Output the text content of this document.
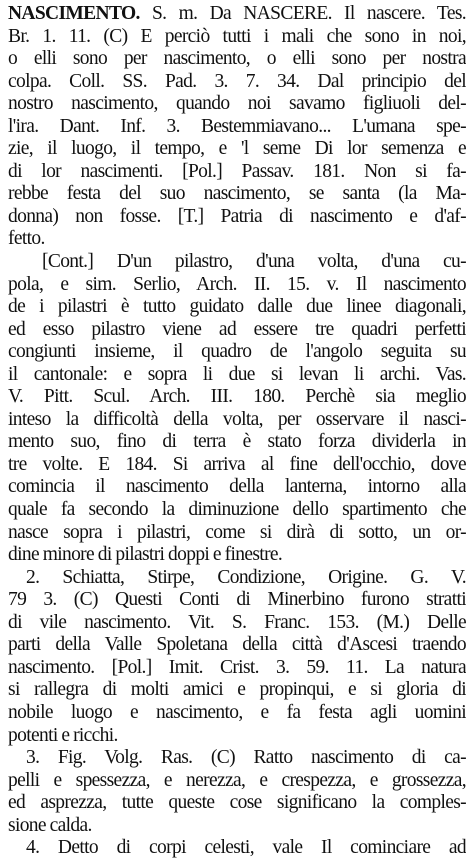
NASCIMENTO. S. m. Da NASCERE. Il nascere. Tes.
Br. 1. 11. (C) E perciò tutti i mali che sono in noi,
o elli sono per nascimento, o elli sono per nostra
colpa. Coll. SS. Pad. 3. 7. 34. Dal principio del
nostro nascimento, quando noi savamo figliuoli del-
l'ira. Dant. Inf. 3. Bestemmiavano... L'umana spe-
zie, il luogo, il tempo, e 'l seme Di lor semenza e
di lor nascimenti. [Pol.] Passav. 181. Non si fa-
rebbe festa del suo nascimento, se santa (la Ma-
donna) non fosse. [T.] Patria di nascimento e d'af-
fetto.
[Cont.] D'un pilastro, d'una volta, d'una cu-
pola, e sim. Serlio, Arch. II. 15. v. Il nascimento
de i pilastri è tutto guidato dalle due linee diagonali,
ed esso pilastro viene ad essere tre quadri perfetti
congiunti insieme, il quadro de l'angolo seguita su
il cantonale: e sopra li due si levan li archi. Vas.
V. Pitt. Scul. Arch. III. 180. Perchè sia meglio
inteso la difficoltà della volta, per osservare il nasci-
mento suo, fino di terra è stato forza dividerla in
tre volte. E 184. Si arriva al fine dell'occhio, dove
comincia il nascimento della lanterna, intorno alla
quale fa secondo la diminuzione dello spartimento che
nasce sopra i pilastri, come si dirà di sotto, un or-
dine minore di pilastri doppi e finestre.
2. Schiatta, Stirpe, Condizione, Origine. G. V.
79 3. (C) Questi Conti di Minerbino furono stratti
di vile nascimento. Vit. S. Franc. 153. (M.) Delle
parti della Valle Spoletana della città d'Ascesi traendo
nascimento. [Pol.] Imit. Crist. 3. 59. 11. La natura
si rallegra di molti amici e propinqui, e si gloria di
nobile luogo e nascimento, e fa festa agli uomini
potenti e ricchi.
3. Fig. Volg. Ras. (C) Ratto nascimento di ca-
pelli e spessezza, e nerezza, e crespezza, e grossezza,
ed asprezza, tutte queste cose significano la comples-
sione calda.
4. Detto di corpi celesti, vale Il cominciare ad
